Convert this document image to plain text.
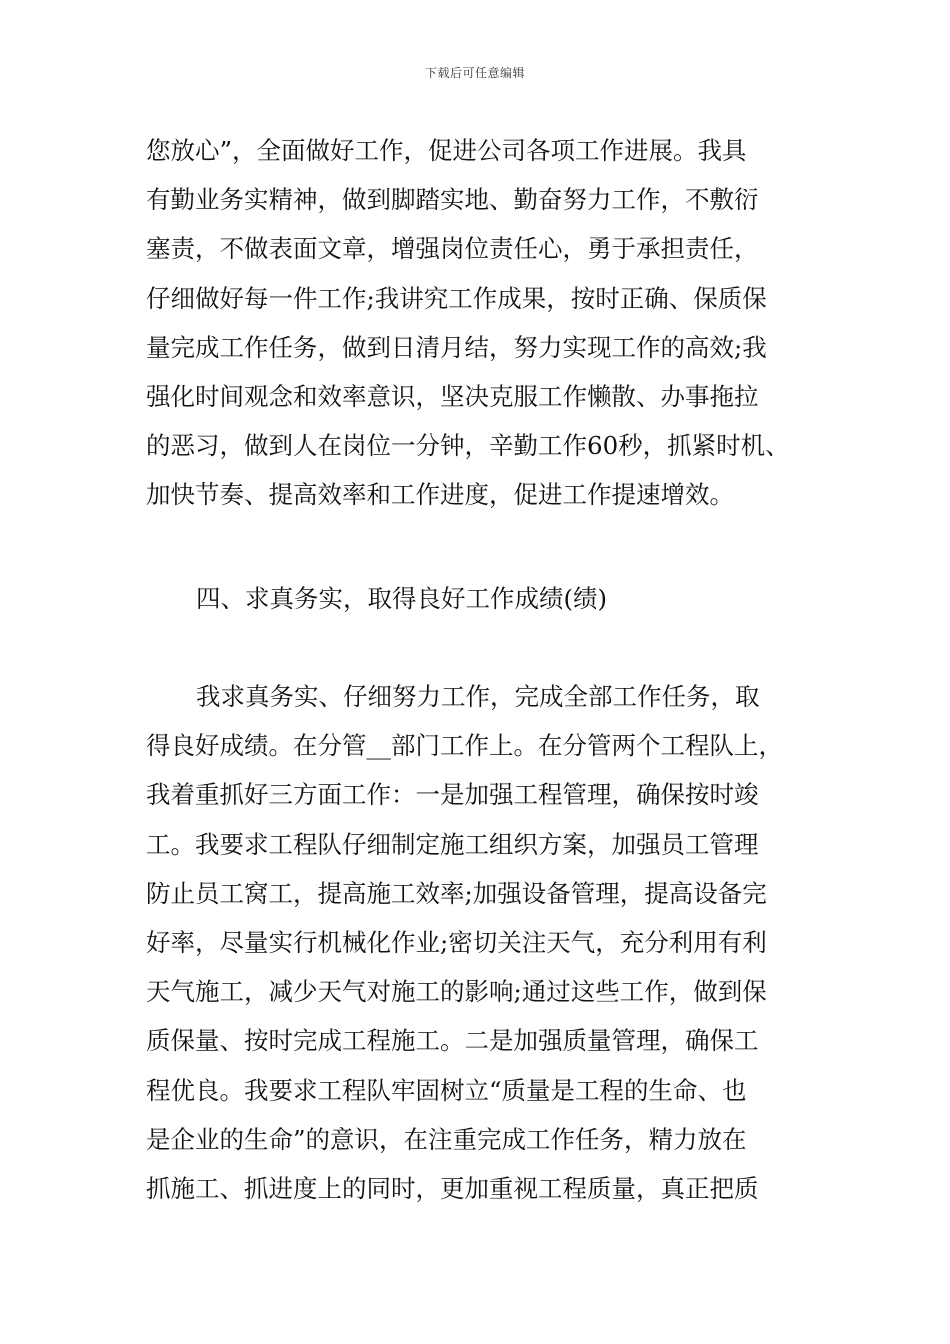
下载后可任意编辑
您放心”，全面做好工作，促进公司各项工作进展。我具
有勤业务实精神，做到脚踏实地、勤奋努力工作，不敷衍
塞责，不做表面文章，增强岗位责任心，勇于承担责任，
仔细做好每一件工作;我讲究工作成果，按时正确、保质保
量完成工作任务，做到日清月结，努力实现工作的高效;我
强化时间观念和效率意识，坚决克服工作懒散、办事拖拉
的恶习，做到人在岗位一分钟，辛勤工作60秒，抓紧时机、
加快节奏、提高效率和工作进度，促进工作提速增效。
四、求真务实，取得良好工作成绩(绩)
我求真务实、仔细努力工作，完成全部工作任务，取
得良好成绩。在分管__部门工作上。在分管两个工程队上，
我着重抓好三方面工作：一是加强工程管理，确保按时竣
工。我要求工程队仔细制定施工组织方案，加强员工管理
防止员工窝工，提高施工效率;加强设备管理，提高设备完
好率，尽量实行机械化作业;密切关注天气，充分利用有利
天气施工，减少天气对施工的影响;通过这些工作，做到保
质保量、按时完成工程施工。二是加强质量管理，确保工
程优良。我要求工程队牢固树立“质量是工程的生命、也
是企业的生命”的意识，在注重完成工作任务，精力放在
抓施工、抓进度上的同时，更加重视工程质量，真正把质
